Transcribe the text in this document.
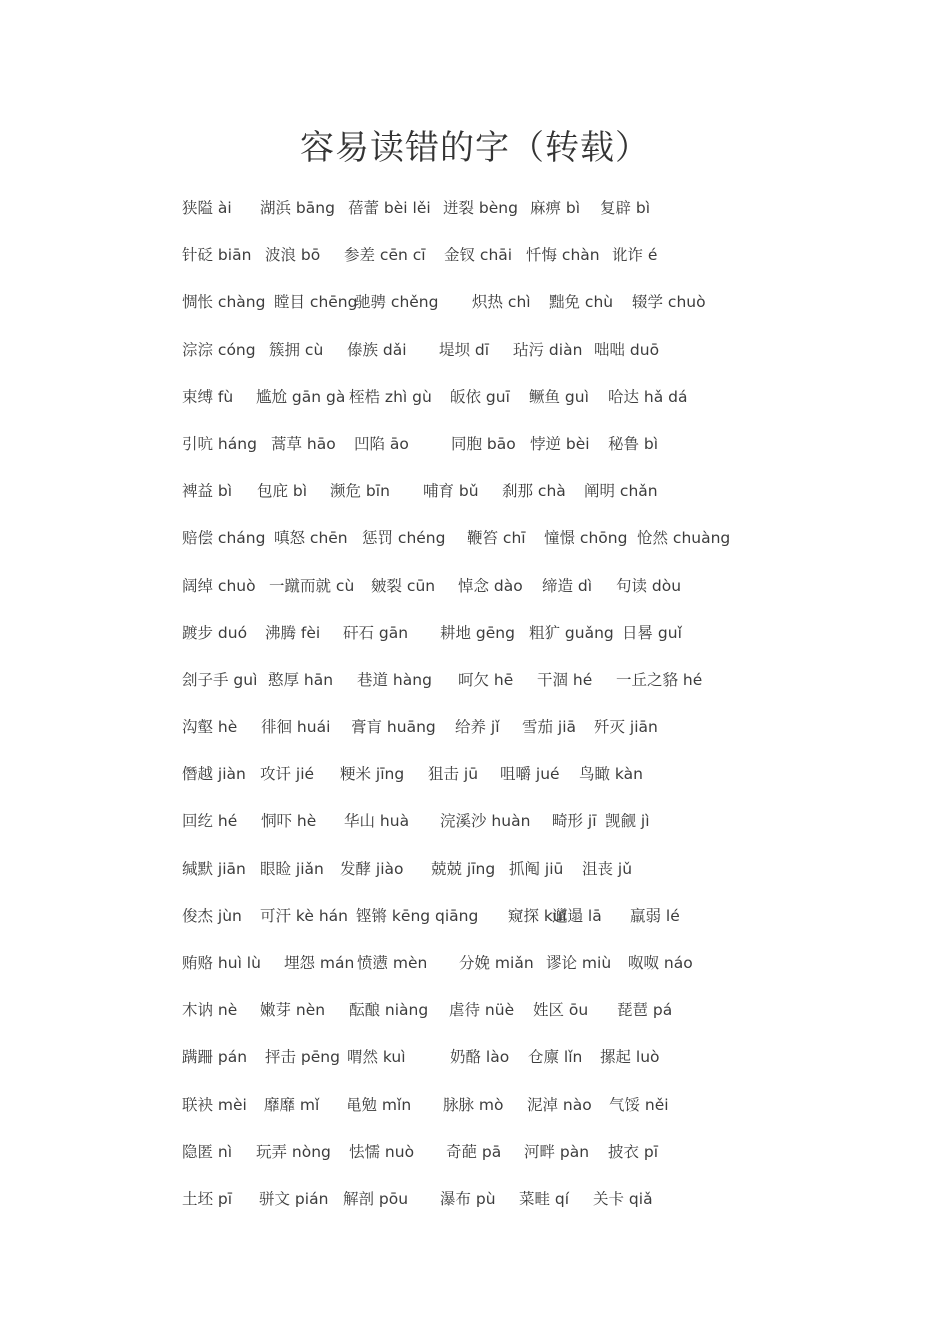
容易读错的字（转载）
狭隘 ài 湖浜 bāng 蓓蕾 bèi lěi 迸裂 bèng 麻痹 bì 复辟 bì
针砭 biān 波浪 bō 参差 cēn cī 金钗 chāi 忏悔 chàn 讹诈 é
惆怅 chàng 瞠目 chēng
驰骋 chěng 炽热 chì 黜免 chù 辍学 chuò
淙淙 cóng 簇拥 cù 傣族 dǎi 堤坝 dī 玷污 diàn 咄咄 duō
束缚 fù 尴尬 gān gà 桎梏 zhì gù 皈依 guī 鳜鱼 guì 哈达 hǎ dá
引吭 háng 蒿草 hāo 凹陷 āo	同胞 bāo 悖逆 bèi 秘鲁 bì
裨益 bì 包庇 bì 濒危 bīn 哺育 bǔ 刹那 chà 阐明 chǎn
赔偿 cháng 嗔怒 chēn 惩罚 chéng 鞭笞 chī 憧憬 chōng 怆然 chuàng
阔绰 chuò 一蹴而就 cù 皴裂 cūn 悼念 dào 缔造 dì 句读 dòu
踱步 duó 沸腾 fèi 矸石 gān 耕地 gēng 粗犷 guǎng 日晷 guǐ
刽子手 guì 憨厚 hān 巷道 hàng 呵欠 hē 干涸 hé 一丘之貉 hé
沟壑 hè 徘徊 huái 膏肓 huāng 给养 jǐ 雪茄 jiā 歼灭 jiān
僭越 jiàn 攻讦 jié 粳米 jīng 狙击 jū 咀嚼 jué 鸟瞰 kàn
回纥 hé 恫吓 hè 华山 huà 浣溪沙 huàn 畸形 jī 觊觎 jì
缄默 jiān 眼睑 jiǎn 发酵 jiào 兢兢 jīng 抓阄 jiū 沮丧 jǔ
俊杰 jùn 可汗 kè hán 铿锵 kēng qiāng 窥探 kuī
邋遢 lā 羸弱 lé
贿赂 huì lù 埋怨 mán 愤懑 mèn 分娩 miǎn 谬论 miù 呶呶 náo
木讷 nè 嫩芽 nèn 酝酿 niàng 虐待 nüè 姓区 ōu 琵琶 pá
蹒跚 pán 抨击 pēng 喟然 kuì	奶酪 lào 仓廪 lǐn 摞起 luò
联袂 mèi 靡靡 mǐ 黾勉 mǐn 脉脉 mò 泥淖 nào 气馁 něi
隐匿 nì 玩弄 nòng 怯懦 nuò 奇葩 pā 河畔 pàn 披衣 pī
土坯 pī 骈文 pián 解剖 pōu 瀑布 pù 菜畦 qí 关卡 qiǎ
